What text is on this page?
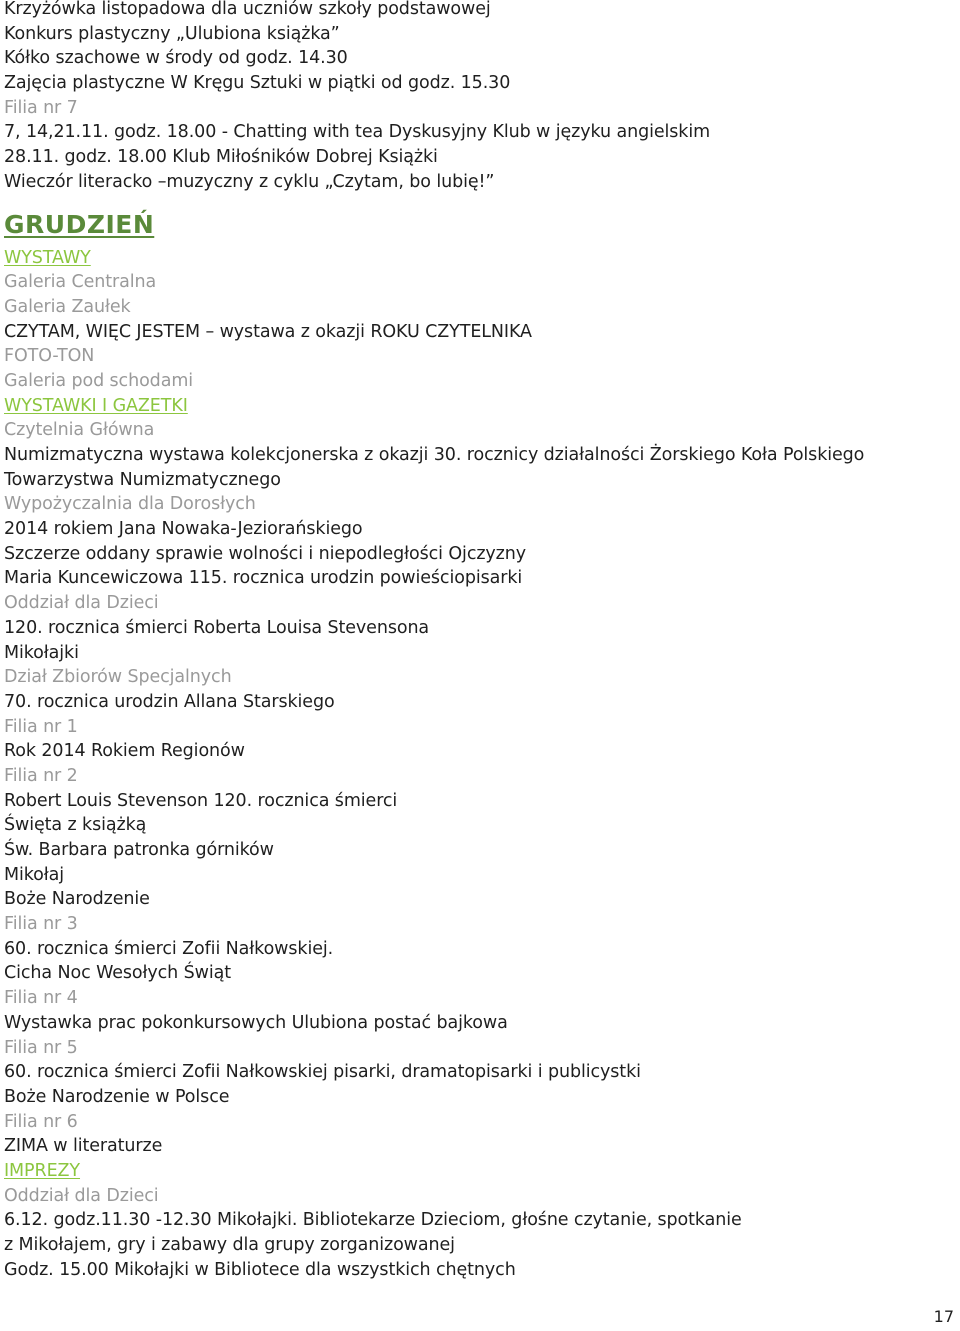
Krzyżówka listopadowa dla uczniów szkoły podstawowej
Konkurs plastyczny „Ulubiona książka”
Kółko szachowe w środy od godz. 14.30
Zajęcia plastyczne W Kręgu Sztuki w piątki od godz. 15.30
Filia nr 7
7, 14,21.11. godz. 18.00 - Chatting with tea Dyskusyjny Klub w języku angielskim
28.11. godz. 18.00 Klub Miłośników Dobrej Książki
Wieczór literacko –muzyczny z cyklu „Czytam, bo lubię!”
GRUDZIEŃ
WYSTAWY
Galeria Centralna
Galeria Zaułek
CZYTAM, WIĘC JESTEM – wystawa z okazji ROKU CZYTELNIKA
FOTO-TON
Galeria pod schodami
WYSTAWKI I GAZETKI
Czytelnia Główna
Numizmatyczna wystawa kolekcjonerska z okazji 30. rocznicy działalności Żorskiego Koła Polskiego
Towarzystwa Numizmatycznego
Wypożyczalnia dla Dorosłych
2014 rokiem Jana Nowaka-Jeziorańskiego
Szczerze oddany sprawie wolności i niepodległości Ojczyzny
Maria Kuncewiczowa 115. rocznica urodzin powieściopisarki
Oddział dla Dzieci
120. rocznica śmierci Roberta Louisa Stevensona
Mikołajki
Dział Zbiorów Specjalnych
70. rocznica urodzin Allana Starskiego
Filia nr 1
Rok 2014 Rokiem Regionów
Filia nr 2
Robert Louis Stevenson 120. rocznica śmierci
Święta z książką
Św. Barbara patronka górników
Mikołaj
Boże Narodzenie
Filia nr 3
60. rocznica śmierci Zofii Nałkowskiej.
Cicha Noc Wesołych Świąt
Filia nr 4
Wystawka prac pokonkursowych Ulubiona postać bajkowa
Filia nr 5
60. rocznica śmierci Zofii Nałkowskiej pisarki, dramatopisarki i publicystki
Boże Narodzenie w Polsce
Filia nr 6
ZIMA w literaturze
IMPREZY
Oddział dla Dzieci
6.12. godz.11.30 -12.30 Mikołajki. Bibliotekarze Dzieciom, głośne czytanie, spotkanie
z Mikołajem, gry i zabawy dla grupy zorganizowanej
Godz. 15.00 Mikołajki w Bibliotece dla wszystkich chętnych
17
